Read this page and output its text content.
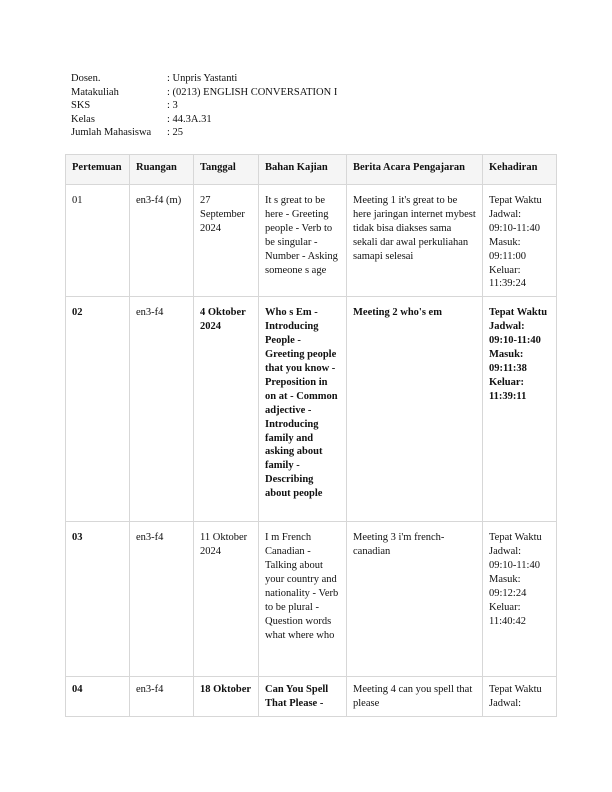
Dosen.	: Unpris Yastanti
Matakuliah	: (0213) ENGLISH CONVERSATION I
SKS	: 3
Kelas	: 44.3A.31
Jumlah Mahasiswa	: 25
Pertemuan	Ruangan	Tanggal	Bahan Kajian	Berita Acara Pengajaran	Kehadiran
01	en3-f4 (m)	27 September 2024	It s great to be here - Greeting people - Verb to be singular - Number - Asking someone s age	Meeting 1 it's great to be here jaringan internet mybest tidak bisa diakses sama sekali dar awal perkuliahan samapi selesai	Tepat Waktu
Jadwal: 09:10-11:40
Masuk: 09:11:00
Keluar: 11:39:24

02	en3-f4	4 Oktober 2024	Who s Em - Introducing People - Greeting people that you know - Preposition in on at - Common adjective - Introducing family and asking about family - Describing about people	Meeting 2 who's em	Tepat Waktu
Jadwal: 09:10-11:40
Masuk: 09:11:38
Keluar: 11:39:11

03	en3-f4	11 Oktober 2024	I m French Canadian - Talking about your country and nationality - Verb to be plural - Question words what where who	Meeting 3 i'm french-canadian	Tepat Waktu
Jadwal: 09:10-11:40
Masuk: 09:12:24
Keluar: 11:40:42

04	en3-f4	18 Oktober	Can You Spell That Please -	Meeting 4 can you spell that please	Tepat Waktu
Jadwal:
